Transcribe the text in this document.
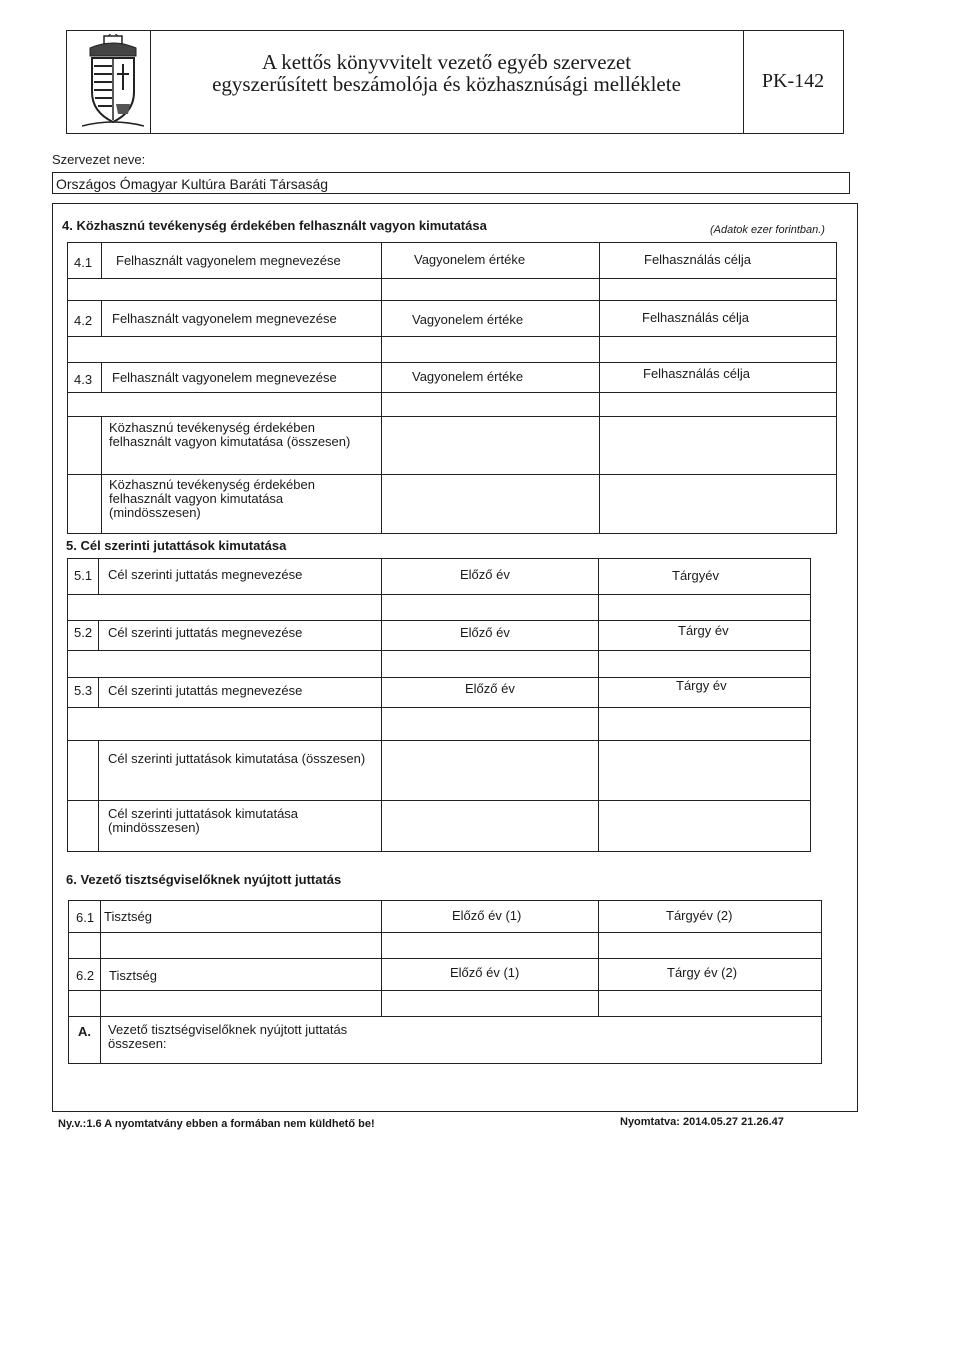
A kettős könyvvitelt vezető egyéb szervezet
egyszerűsített beszámolója és közhasznúsági melléklete	PK-142
Szervezet neve:
Országos Ómagyar Kultúra Baráti Társaság
4. Közhasznú tevékenység érdekében felhasznált vagyon kimutatása	(Adatok ezer forintban.)
4.1 Felhasznált vagyonelem megnevezése	Vagyonelem értéke	Felhasználás célja
4.2 Felhasznált vagyonelem megnevezése	Vagyonelem értéke	Felhasználás célja
4.3 Felhasznált vagyonelem megnevezése	Vagyonelem értéke	Felhasználás célja
Közhasznú tevékenység érdekében felhasznált vagyon kimutatása (összesen)
Közhasznú tevékenység érdekében felhasznált vagyon kimutatása (mindösszesen)
5. Cél szerinti jutattások kimutatása
5.1 Cél szerinti juttatás megnevezése	Előző év	Tárgyév
5.2 Cél szerinti juttatás megnevezése	Előző év	Tárgy év
5.3 Cél szerinti jutattás megnevezése	Előző év	Tárgy év
Cél szerinti juttatások kimutatása (összesen)
Cél szerinti juttatások kimutatása (mindösszesen)
6. Vezető tisztségviselőknek nyújtott juttatás
6.1 Tisztség	Előző év (1)	Tárgyév (2)
6.2 Tisztség	Előző év (1)	Tárgy év (2)
A. Vezető tisztségviselőknek nyújtott juttatás összesen:
Ny.v.:1.6 A nyomtatvány ebben a formában nem küldhető be!	Nyomtatva: 2014.05.27 21.26.47
